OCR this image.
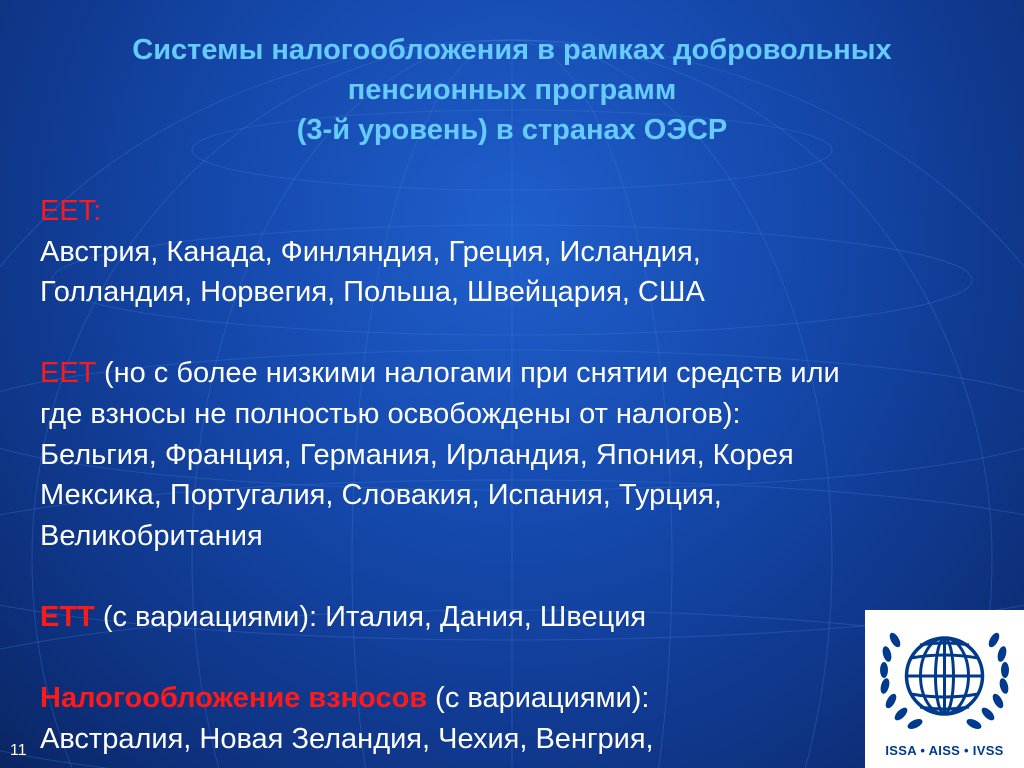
Системы налогообложения в рамках добровольных
пенсионных программ
(3-й уровень) в странах ОЭСР
EET:
Австрия, Канада, Финляндия, Греция, Исландия,
Голландия, Норвегия, Польша, Швейцария, США
EET (но с более низкими налогами при снятии средств или
где взносы не полностью освобождены от налогов):
Бельгия, Франция, Германия, Ирландия, Япония, Корея
Мексика, Португалия, Словакия, Испания, Турция,
Великобритания
ETT (с вариациями): Италия, Дания, Швеция
Налогообложение взносов (с вариациями):
Австралия, Новая Зеландия, Чехия, Венгрия,
11	ISSA • AISS • IVSS
